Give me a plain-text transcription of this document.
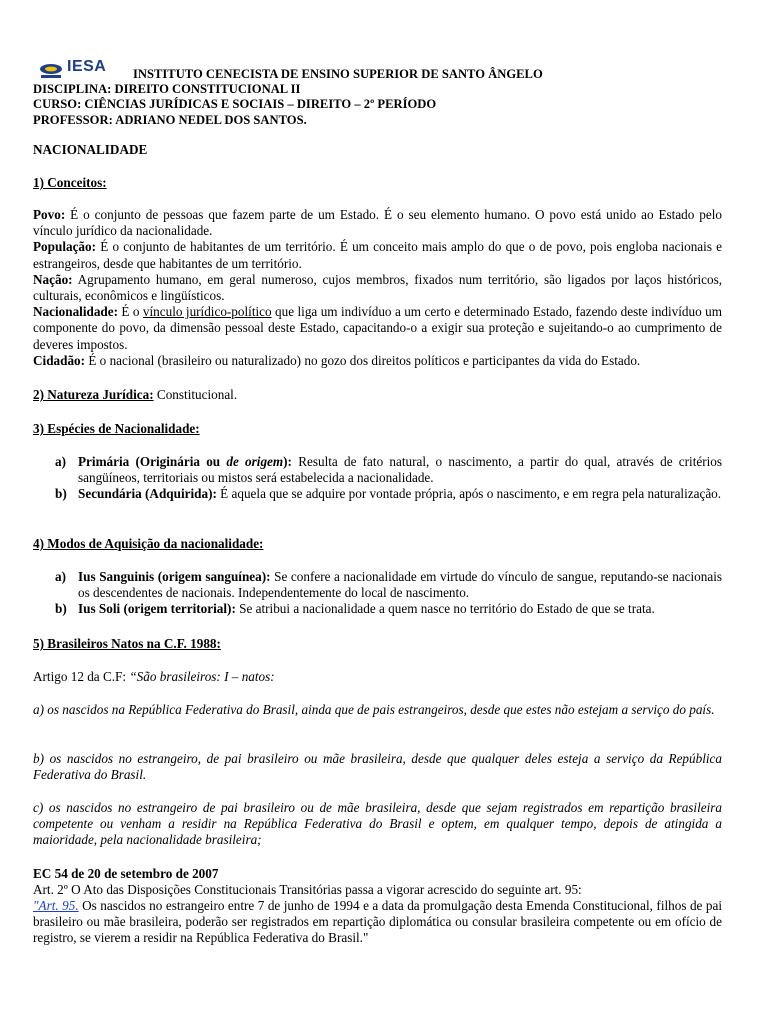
IESA	INSTITUTO CENECISTA DE ENSINO SUPERIOR DE SANTO ÂNGELO
DISCIPLINA: DIREITO CONSTITUCIONAL II
CURSO: CIÊNCIAS JURÍDICAS E SOCIAIS – DIREITO – 2º PERÍODO
PROFESSOR: ADRIANO NEDEL DOS SANTOS.
NACIONALIDADE
1) Conceitos:
Povo: É o conjunto de pessoas que fazem parte de um Estado. É o seu elemento humano. O povo está unido ao Estado pelo vínculo jurídico da nacionalidade.
População: É o conjunto de habitantes de um território. É um conceito mais amplo do que o de povo, pois engloba nacionais e estrangeiros, desde que habitantes de um território.
Nação: Agrupamento humano, em geral numeroso, cujos membros, fixados num território, são ligados por laços históricos, culturais, econômicos e lingüísticos.
Nacionalidade: É o vínculo jurídico-político que liga um indivíduo a um certo e determinado Estado, fazendo deste indivíduo um componente do povo, da dimensão pessoal deste Estado, capacitando-o a exigir sua proteção e sujeitando-o ao cumprimento de deveres impostos.
Cidadão: É o nacional (brasileiro ou naturalizado) no gozo dos direitos políticos e participantes da vida do Estado.
2) Natureza Jurídica: Constitucional.
3) Espécies de Nacionalidade:
a) Primária (Originária ou de origem): Resulta de fato natural, o nascimento, a partir do qual, através de critérios sangüíneos, territoriais ou mistos será estabelecida a nacionalidade.
b) Secundária (Adquirida): É aquela que se adquire por vontade própria, após o nascimento, e em regra pela naturalização.
4) Modos de Aquisição da nacionalidade:
a) Ius Sanguinis (origem sanguínea): Se confere a nacionalidade em virtude do vínculo de sangue, reputando-se nacionais os descendentes de nacionais. Independentemente do local de nascimento.
b) Ius Soli (origem territorial): Se atribui a nacionalidade a quem nasce no território do Estado de que se trata.
5) Brasileiros Natos na C.F. 1988:
Artigo 12 da C.F: “São brasileiros: I – natos:
a) os nascidos na República Federativa do Brasil, ainda que de pais estrangeiros, desde que estes não estejam a serviço do país.
b) os nascidos no estrangeiro, de pai brasileiro ou mãe brasileira, desde que qualquer deles esteja a serviço da República Federativa do Brasil.
c) os nascidos no estrangeiro de pai brasileiro ou de mãe brasileira, desde que sejam registrados em repartição brasileira competente ou venham a residir na República Federativa do Brasil e optem, em qualquer tempo, depois de atingida a maioridade, pela nacionalidade brasileira;
EC 54 de 20 de setembro de 2007
Art. 2º O Ato das Disposições Constitucionais Transitórias passa a vigorar acrescido do seguinte art. 95:
"Art. 95. Os nascidos no estrangeiro entre 7 de junho de 1994 e a data da promulgação desta Emenda Constitucional, filhos de pai brasileiro ou mãe brasileira, poderão ser registrados em repartição diplomática ou consular brasileira competente ou em ofício de registro, se vierem a residir na República Federativa do Brasil."
